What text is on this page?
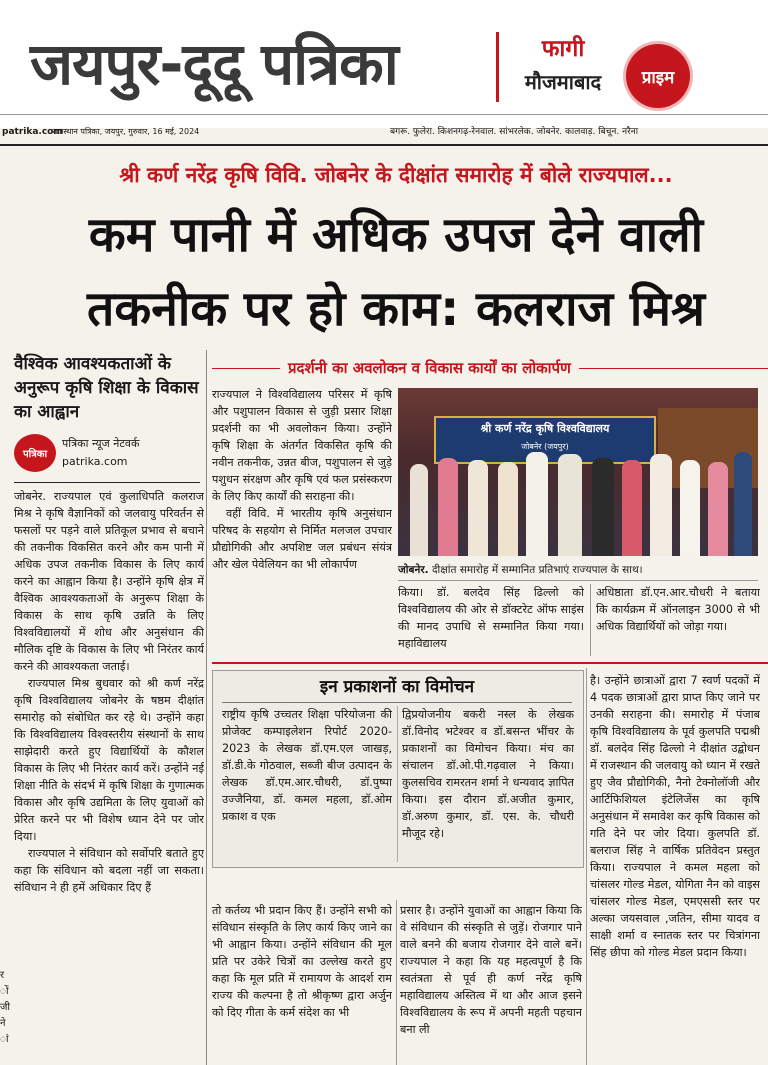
जयपुर-दूदू पत्रिका	फागी
मौजमाबाद	प्राइम
patrika.com
राजस्थान पत्रिका, जयपुर, गुरुवार, 16 मई, 2024	बगरू. फुलेरा. किशनगढ़-रेनवाल. सांभरलेक. जोबनेर. कालवाड़. बिचून. नरैना
श्री कर्ण नरेंद्र कृषि विवि. जोबनेर के दीक्षांत समारोह में बोले राज्यपाल...
कम पानी में अधिक उपज देने वाली
तकनीक पर हो काम: कलराज मिश्र
र
ों
जी
ने
ां
वैश्विक आवश्यकताओं के अनुरूप कृषि शिक्षा के विकास का आह्वान
पत्रिका
पत्रिका न्यूज नेटवर्क
patrika.com

जोबनेर. राज्यपाल एवं कुलाधिपति कलराज मिश्र ने कृषि वैज्ञानिकों को जलवायु परिवर्तन से फसलों पर पड़ने वाले प्रतिकूल प्रभाव से बचाने की तकनीक विकसित करने और कम पानी में अधिक उपज तकनीक विकास के लिए कार्य करने का आह्वान किया है। उन्होंने कृषि क्षेत्र में वैश्विक आवश्यकताओं के अनुरूप शिक्षा के विकास के साथ कृषि उन्नति के लिए विश्वविद्यालयों में शोध और अनुसंधान की मौलिक दृष्टि के विकास के लिए भी निरंतर कार्य करने की आवश्यकता जताई।

राज्यपाल मिश्र बुधवार को श्री कर्ण नरेंद्र कृषि विश्वविद्यालय जोबनेर के षष्ठम दीक्षांत समारोह को संबोधित कर रहे थे। उन्होंने कहा कि विश्वविद्यालय विश्वस्तरीय संस्थानों के साथ साझेदारी करते हुए विद्यार्थियों के कौशल विकास के लिए भी निरंतर कार्य करें। उन्होंने नई शिक्षा नीति के संदर्भ में कृषि शिक्षा के गुणात्मक विकास और कृषि उद्यमिता के लिए युवाओं को प्रेरित करने पर भी विशेष ध्यान देने पर जोर दिया।

राज्यपाल ने संविधान को सर्वोपरि बताते हुए कहा कि संविधान को बदला नहीं जा सकता। संविधान ने ही हमें अधिकार दिए हैं

प्रदर्शनी का अवलोकन व विकास कार्यों का लोकार्पण

राज्यपाल ने विश्वविद्यालय परिसर में कृषि और पशुपालन विकास से जुड़ी प्रसार शिक्षा प्रदर्शनी का भी अवलोकन किया। उन्होंने कृषि शिक्षा के अंतर्गत विकसित कृषि की नवीन तकनीक, उन्नत बीज, पशुपालन से जुड़े पशुधन संरक्षण और कृषि एवं फल प्रसंस्करण के लिए किए कार्यों की सराहना की।

वहीं विवि. में भारतीय कृषि अनुसंधान परिषद के सहयोग से निर्मित मलजल उपचार प्रौद्योगिकी और अपशिष्ट जल प्रबंधन संयंत्र और खेल पेवेलियन का भी लोकार्पण

श्री कर्ण नरेंद्र कृषि विश्वविद्यालय
जोबनेर (जयपुर)
जोबनेर. दीक्षांत समारोह में सम्मानित प्रतिभाएं राज्यपाल के साथ।

किया। डॉ. बलदेव सिंह ढिल्लो को विश्वविद्यालय की ओर से डॉक्टरेट ऑफ साइंस की मानद उपाधि से सम्मानित किया गया। महाविद्यालय

अधिष्ठाता डॉ.एन.आर.चौधरी ने बताया कि कार्यक्रम में ऑनलाइन 3000 से भी अधिक विद्यार्थियों को जोड़ा गया।

इन प्रकाशनों का विमोचन

राष्ट्रीय कृषि उच्चतर शिक्षा परियोजना की प्रोजेक्ट कम्पाइलेशन रिपोर्ट 2020-2023 के लेखक डॉ.एम.एल जाखड़, डॉ.डी.के गोठवाल, सब्जी बीज उत्पादन के लेखक डॉ.एम.आर.चौधरी, डॉ.पुष्पा उज्जैनिया, डॉ. कमल महला, डॉ.ओम प्रकाश व एक

द्विप्रयोजनीय बकरी नस्ल के लेखक डॉ.विनोद भटेश्वर व डॉ.बसन्त भींचर के प्रकाशनों का विमोचन किया। मंच का संचालन डॉ.ओ.पी.गढ़वाल ने किया। कुलसचिव रामरतन शर्मा ने धन्यवाद ज्ञापित किया। इस दौरान डॉ.अजीत कुमार, डॉ.अरुण कुमार, डॉ. एस. के. चौधरी मौजूद रहे।

तो कर्तव्य भी प्रदान किए हैं। उन्होंने सभी को संविधान संस्कृति के लिए कार्य किए जाने का भी आह्वान किया। उन्होंने संविधान की मूल प्रति पर उकेरे चित्रों का उल्लेख करते हुए कहा कि मूल प्रति में रामायण के आदर्श राम राज्य की कल्पना है तो श्रीकृष्ण द्वारा अर्जुन को दिए गीता के कर्म संदेश का भी

प्रसार है। उन्होंने युवाओं का आह्वान किया कि वे संविधान की संस्कृति से जुड़ें। रोजगार पाने वाले बनने की बजाय रोजगार देने वाले बनें। राज्यपाल ने कहा कि यह महत्वपूर्ण है कि स्वतंत्रता से पूर्व ही कर्ण नरेंद्र कृषि महाविद्यालय अस्तित्व में था और आज इसने विश्वविद्यालय के रूप में अपनी महती पहचान बना ली

है। उन्होंने छात्राओं द्वारा 7 स्वर्ण पदकों में 4 पदक छात्राओं द्वारा प्राप्त किए जाने पर उनकी सराहना की। समारोह में पंजाब कृषि विश्वविद्यालय के पूर्व कुलपति पद्मश्री डॉ. बलदेव सिंह ढिल्लो ने दीक्षांत उद्बोधन में राजस्थान की जलवायु को ध्यान में रखते हुए जैव प्रौद्योगिकी, नैनो टेक्नोलॉजी और आर्टिफिशियल इंटेलिजेंस का कृषि अनुसंधान में समावेश कर कृषि विकास को गति देने पर जोर दिया। कुलपति डॉ. बलराज सिंह ने वार्षिक प्रतिवेदन प्रस्तुत किया। राज्यपाल ने कमल महला को चांसलर गोल्ड मेडल, योगिता नैन को वाइस चांसलर गोल्ड मेडल, एमएससी स्तर पर अल्का जयसवाल ,जतिन, सीमा यादव व साक्षी शर्मा व स्नातक स्तर पर चित्रांगना सिंह छीपा को गोल्ड मेडल प्रदान किया।
